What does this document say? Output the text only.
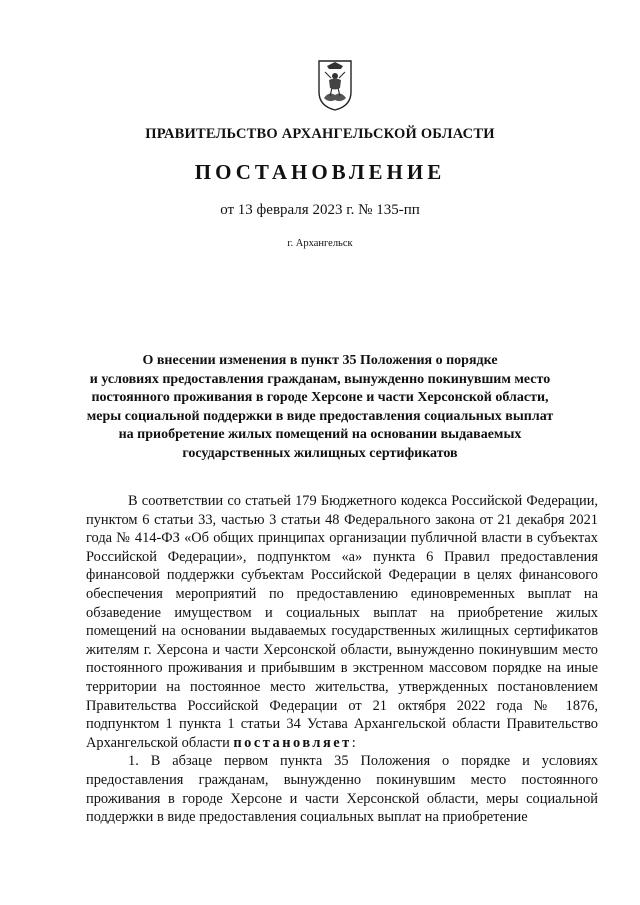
ПРАВИТЕЛЬСТВО АРХАНГЕЛЬСКОЙ ОБЛАСТИ
ПОСТАНОВЛЕНИЕ
от 13 февраля 2023 г. № 135-пп
г. Архангельск
О внесении изменения в пункт 35 Положения о порядке
и условиях предоставления гражданам, вынужденно покинувшим место
постоянного проживания в городе Херсоне и части Херсонской области,
меры социальной поддержки в виде предоставления социальных выплат
на приобретение жилых помещений на основании выдаваемых
государственных жилищных сертификатов

В соответствии со статьей 179 Бюджетного кодекса Российской Федерации, пунктом 6 статьи 33, частью 3 статьи 48 Федерального закона от 21 декабря 2021 года № 414-ФЗ «Об общих принципах организации публичной власти в субъектах Российской Федерации», подпунктом «а» пункта 6 Правил предоставления финансовой поддержки субъектам Российской Федерации в целях финансового обеспечения мероприятий по предоставлению единовременных выплат на обзаведение имуществом и социальных выплат на приобретение жилых помещений на основании выдаваемых государственных жилищных сертификатов жителям г. Херсона и части Херсонской области, вынужденно покинувшим место постоянного проживания и прибывшим в экстренном массовом порядке на иные территории на постоянное место жительства, утвержденных постановлением Правительства Российской Федерации от 21 октября 2022 года № 1876, подпунктом 1 пункта 1 статьи 34 Устава Архангельской области Правительство Архангельской области постановляет:

1. В абзаце первом пункта 35 Положения о порядке и условиях предоставления гражданам, вынужденно покинувшим место постоянного проживания в городе Херсоне и части Херсонской области, меры социальной поддержки в виде предоставления социальных выплат на приобретение
